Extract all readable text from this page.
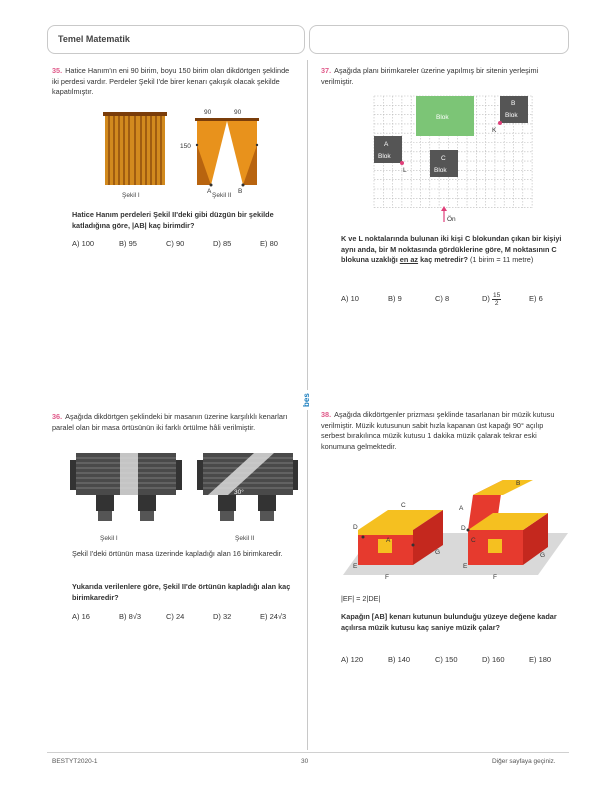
Temel Matematik
bes
35. Hatice Hanım'ın eni 90 birim, boyu 150 birim olan dikdörtgen şeklinde iki perdesi vardır. Perdeler Şekil I'de birer kenarı çakışık olacak şekilde kapatılmıştır.
90	90
150
A	B
Şekil I	Şekil II
Hatice Hanım perdeleri Şekil II'deki gibi düzgün bir şekilde katladığına göre, |AB| kaç birimdir?
A) 100	B) 95	C) 90	D) 85	E) 80
36. Aşağıda dikdörtgen şeklindeki bir masanın üzerine karşılıklı kenarları paralel olan bir masa örtüsünün iki farklı örtülme hâli verilmiştir.
30°
Şekil I	Şekil II
Şekil I'deki örtünün masa üzerinde kapladığı alan 16 birimkaredir.
Yukarıda verilenlere göre, Şekil II'de örtünün kapladığı alan kaç birimkaredir?
A) 16	B) 8√3	C) 24	D) 32	E) 24√3
37. Aşağıda planı birimkareler üzerine yapılmış bir sitenin yerleşimi verilmiştir.
Blok
B
Blok
A
Blok	C
Blok
K
L
Ön
K ve L noktalarında bulunan iki kişi C blokundan çıkan bir kişiyi aynı anda, bir M noktasında gördüklerine göre, M noktasının C blokuna uzaklığı en az kaç metredir? (1 birim = 11 metre)
A) 10	B) 9	C) 8	$D) \frac{15}{2}$	E) 6
38. Aşağıda dikdörtgenler prizması şeklinde tasarlanan bir müzik kutusu verilmiştir. Müzik kutusunun sabit hızla kapanan üst kapağı 90° açılıp serbest bırakılınca müzik kutusu 1 dakika müzik çalarak tekrar eski konumuna gelmektedir.
C
D
A
G
E
F
B
A
D
C
G
E
F
|EF| = 2|DE|
Kapağın [AB] kenarı kutunun bulunduğu yüzeye değene kadar açılırsa müzik kutusu kaç saniye müzik çalar?
A) 120	B) 140	C) 150	D) 160	E) 180
BESTYT2020-1	30	Diğer sayfaya geçiniz.
